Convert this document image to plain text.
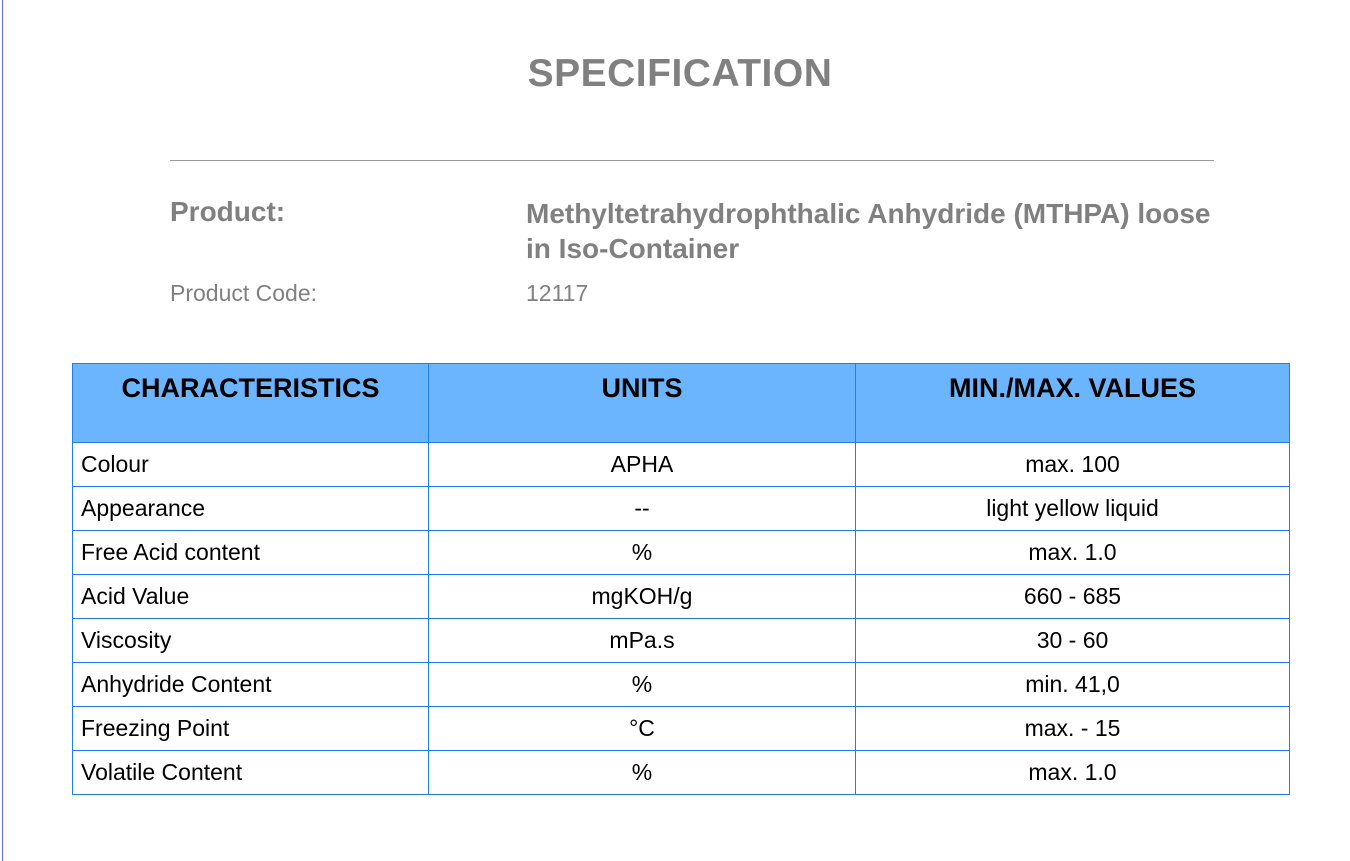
SPECIFICATION
Product:	Methyltetrahydrophthalic Anhydride (MTHPA) loose in Iso-Container
Product Code:	12117
CHARACTERISTICS	UNITS	MIN./MAX. VALUES
Colour	APHA	max. 100
Appearance	--	light yellow liquid
Free Acid content	%	max. 1.0
Acid Value	mgKOH/g	660 - 685
Viscosity	mPa.s	30 - 60
Anhydride Content	%	min. 41,0
Freezing Point	°C	max. - 15
Volatile Content	%	max. 1.0
